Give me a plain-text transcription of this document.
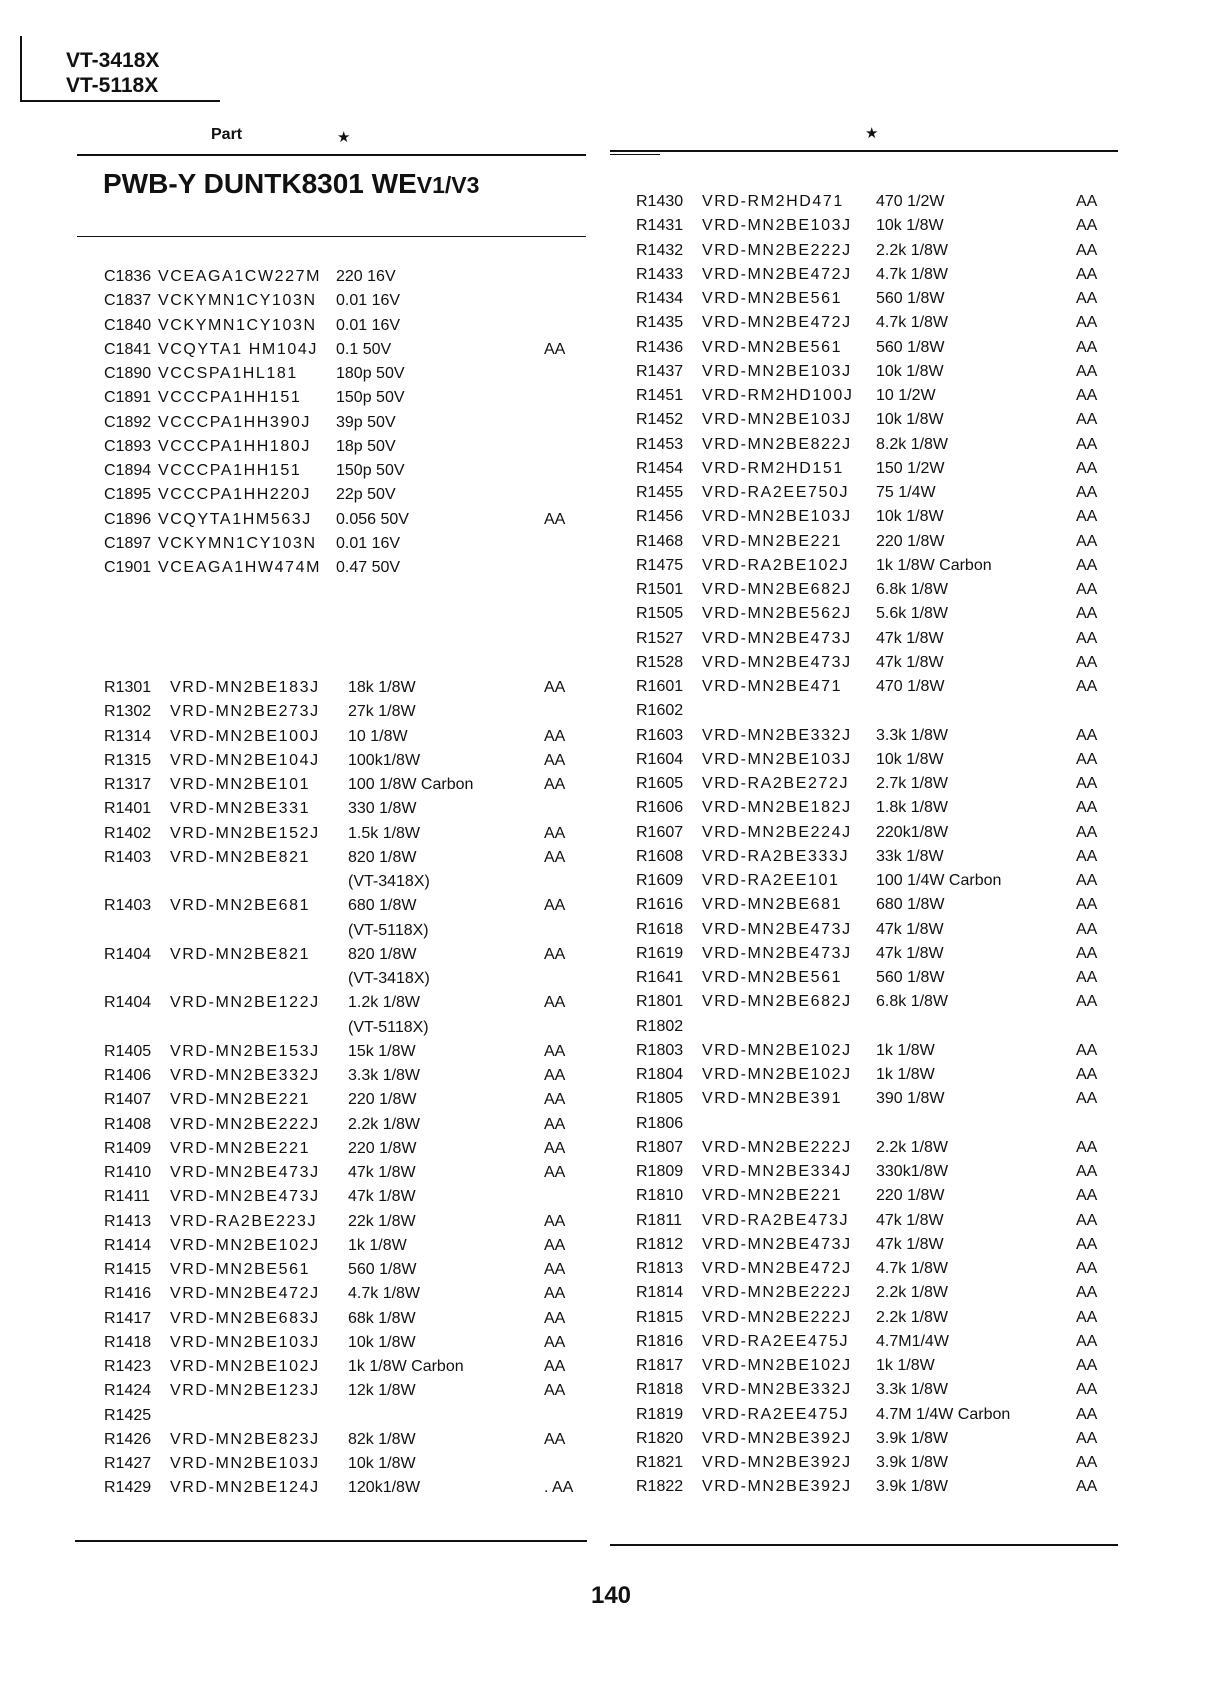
VT-3418X
VT-5118X
Part	★	★
PWB-Y DUNTK8301 WEV1/V3
C1836 VCEAGA1CW227M 220 16V
C1837 VCKYMN1CY103N 0.01 16V
C1840 VCKYMN1CY103N 0.01 16V
C1841 VCQYTA1 HM104J 0.1 50V	AA
C1890 VCCSPA1HL181 180p 50V
C1891 VCCCPA1HH151 150p 50V
C1892 VCCCPA1HH390J 39p 50V
C1893 VCCCPA1HH180J 18p 50V
C1894 VCCCPA1HH151 150p 50V
C1895 VCCCPA1HH220J 22p 50V
C1896 VCQYTA1HM563J 0.056 50V	AA
C1897 VCKYMN1CY103N 0.01 16V
C1901 VCEAGA1HW474M 0.47 50V
R1301 VRD-MN2BE183J 18k 1/8W	AA
R1302 VRD-MN2BE273J 27k 1/8W
R1314 VRD-MN2BE100J 10 1/8W	AA
R1315 VRD-MN2BE104J 100k1/8W	AA
R1317 VRD-MN2BE101 100 1/8W Carbon	AA
R1401 VRD-MN2BE331 330 1/8W
R1402 VRD-MN2BE152J 1.5k 1/8W	AA
R1403 VRD-MN2BE821 820 1/8W	AA
(VT-3418X)
R1403 VRD-MN2BE681 680 1/8W	AA
(VT-5118X)
R1404 VRD-MN2BE821 820 1/8W	AA
(VT-3418X)
R1404 VRD-MN2BE122J 1.2k 1/8W	AA
(VT-5118X)
R1405 VRD-MN2BE153J 15k 1/8W	AA
R1406 VRD-MN2BE332J 3.3k 1/8W	AA
R1407 VRD-MN2BE221 220 1/8W	AA
R1408 VRD-MN2BE222J 2.2k 1/8W	AA
R1409 VRD-MN2BE221 220 1/8W	AA
R1410 VRD-MN2BE473J 47k 1/8W	AA
R1411 VRD-MN2BE473J 47k 1/8W
R1413 VRD-RA2BE223J 22k 1/8W	AA
R1414 VRD-MN2BE102J 1k 1/8W	AA
R1415 VRD-MN2BE561 560 1/8W	AA
R1416 VRD-MN2BE472J 4.7k 1/8W	AA
R1417 VRD-MN2BE683J 68k 1/8W	AA
R1418 VRD-MN2BE103J 10k 1/8W	AA
R1423 VRD-MN2BE102J 1k 1/8W Carbon	AA
R1424 VRD-MN2BE123J 12k 1/8W	AA
R1425
R1426 VRD-MN2BE823J 82k 1/8W	AA
R1427 VRD-MN2BE103J 10k 1/8W
R1429 VRD-MN2BE124J 120k1/8W	. AA
R1430 VRD-RM2HD471 470 1/2W	AA
R1431 VRD-MN2BE103J 10k 1/8W	AA
R1432 VRD-MN2BE222J 2.2k 1/8W	AA
R1433 VRD-MN2BE472J 4.7k 1/8W	AA
R1434 VRD-MN2BE561 560 1/8W	AA
R1435 VRD-MN2BE472J 4.7k 1/8W	AA
R1436 VRD-MN2BE561 560 1/8W	AA
R1437 VRD-MN2BE103J 10k 1/8W	AA
R1451 VRD-RM2HD100J 10 1/2W	AA
R1452 VRD-MN2BE103J 10k 1/8W	AA
R1453 VRD-MN2BE822J 8.2k 1/8W	AA
R1454 VRD-RM2HD151 150 1/2W	AA
R1455 VRD-RA2EE750J 75 1/4W	AA
R1456 VRD-MN2BE103J 10k 1/8W	AA
R1468 VRD-MN2BE221 220 1/8W	AA
R1475 VRD-RA2BE102J 1k 1/8W Carbon	AA
R1501 VRD-MN2BE682J 6.8k 1/8W	AA
R1505 VRD-MN2BE562J 5.6k 1/8W	AA
R1527 VRD-MN2BE473J 47k 1/8W	AA
R1528 VRD-MN2BE473J 47k 1/8W	AA
R1601 VRD-MN2BE471 470 1/8W	AA
R1602
R1603 VRD-MN2BE332J 3.3k 1/8W	AA
R1604 VRD-MN2BE103J 10k 1/8W	AA
R1605 VRD-RA2BE272J 2.7k 1/8W	AA
R1606 VRD-MN2BE182J 1.8k 1/8W	AA
R1607 VRD-MN2BE224J 220k1/8W	AA
R1608 VRD-RA2BE333J 33k 1/8W	AA
R1609 VRD-RA2EE101 100 1/4W Carbon	AA
R1616 VRD-MN2BE681 680 1/8W	AA
R1618 VRD-MN2BE473J 47k 1/8W	AA
R1619 VRD-MN2BE473J 47k 1/8W	AA
R1641 VRD-MN2BE561 560 1/8W	AA
R1801 VRD-MN2BE682J 6.8k 1/8W	AA
R1802
R1803 VRD-MN2BE102J 1k 1/8W	AA
R1804 VRD-MN2BE102J 1k 1/8W	AA
R1805 VRD-MN2BE391 390 1/8W	AA
R1806
R1807 VRD-MN2BE222J 2.2k 1/8W	AA
R1809 VRD-MN2BE334J 330k1/8W	AA
R1810 VRD-MN2BE221 220 1/8W	AA
R1811 VRD-RA2BE473J 47k 1/8W	AA
R1812 VRD-MN2BE473J 47k 1/8W	AA
R1813 VRD-MN2BE472J 4.7k 1/8W	AA
R1814 VRD-MN2BE222J 2.2k 1/8W	AA
R1815 VRD-MN2BE222J 2.2k 1/8W	AA
R1816 VRD-RA2EE475J 4.7M1/4W	AA
R1817 VRD-MN2BE102J 1k 1/8W	AA
R1818 VRD-MN2BE332J 3.3k 1/8W	AA
R1819 VRD-RA2EE475J 4.7M 1/4W Carbon	AA
R1820 VRD-MN2BE392J 3.9k 1/8W	AA
R1821 VRD-MN2BE392J 3.9k 1/8W	AA
R1822 VRD-MN2BE392J 3.9k 1/8W	AA
140
